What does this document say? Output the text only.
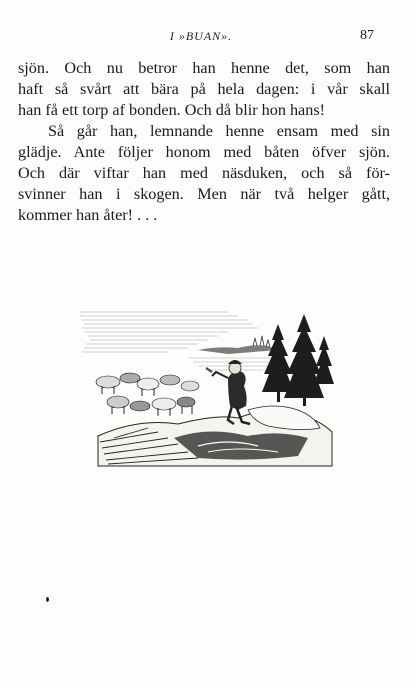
I »BUAN».	87

sjön. Och nu betror han henne det, som han
haft så svårt att bära på hela dagen: i vår skall
han få ett torp af bonden. Och då blir hon hans!

Så går han, lemnande henne ensam med sin
glädje. Ante följer honom med båten öfver sjön.
Och där viftar han med näsduken, och så för-
svinner han i skogen. Men när två helger gått,
kommer han åter! . . .
